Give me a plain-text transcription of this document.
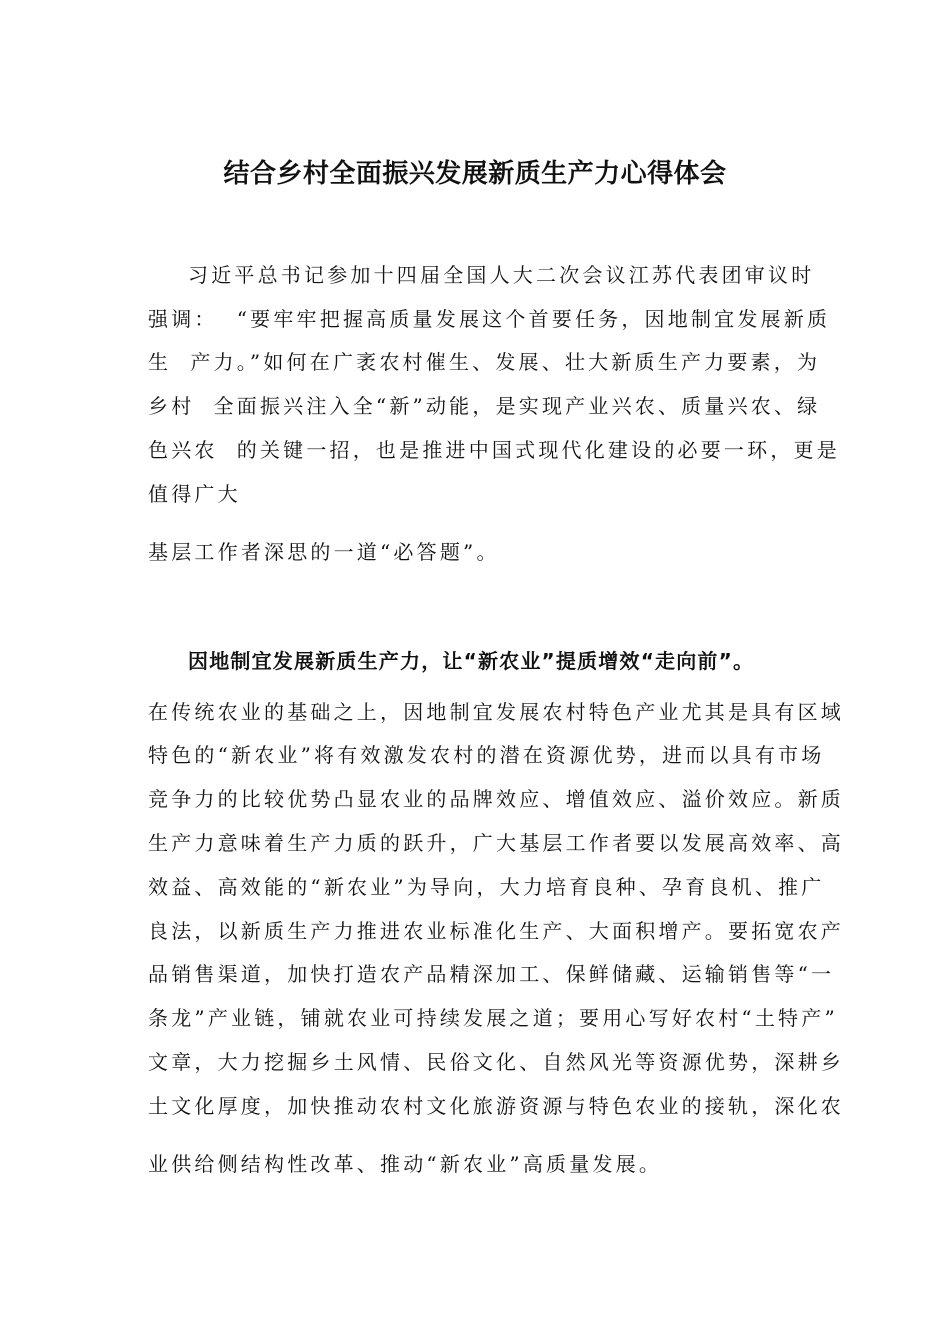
结合乡村全面振兴发展新质生产力心得体会
习近平总书记参加十四届全国人大二次会议江苏代表团审议时
强调：  “要牢牢把握高质量发展这个首要任务，因地制宜发展新质
生  产力。”如何在广袤农村催生、发展、壮大新质生产力要素，为
乡村  全面振兴注入全“新”动能，是实现产业兴农、质量兴农、绿
色兴农  的关键一招，也是推进中国式现代化建设的必要一环，更是
值得广大
基层工作者深思的一道“必答题”。
因地制宜发展新质生产力，让“新农业”提质增效“走向前”。
在传统农业的基础之上，因地制宜发展农村特色产业尤其是具有区域
特色的“新农业”将有效激发农村的潜在资源优势，进而以具有市场
竞争力的比较优势凸显农业的品牌效应、增值效应、溢价效应。新质
生产力意味着生产力质的跃升，广大基层工作者要以发展高效率、高
效益、高效能的“新农业”为导向，大力培育良种、孕育良机、推广
良法，以新质生产力推进农业标准化生产、大面积增产。要拓宽农产
品销售渠道，加快打造农产品精深加工、保鲜储藏、运输销售等“一
条龙”产业链，铺就农业可持续发展之道；要用心写好农村“土特产”
文章，大力挖掘乡土风情、民俗文化、自然风光等资源优势，深耕乡
土文化厚度，加快推动农村文化旅游资源与特色农业的接轨，深化农
业供给侧结构性改革、推动“新农业”高质量发展。
